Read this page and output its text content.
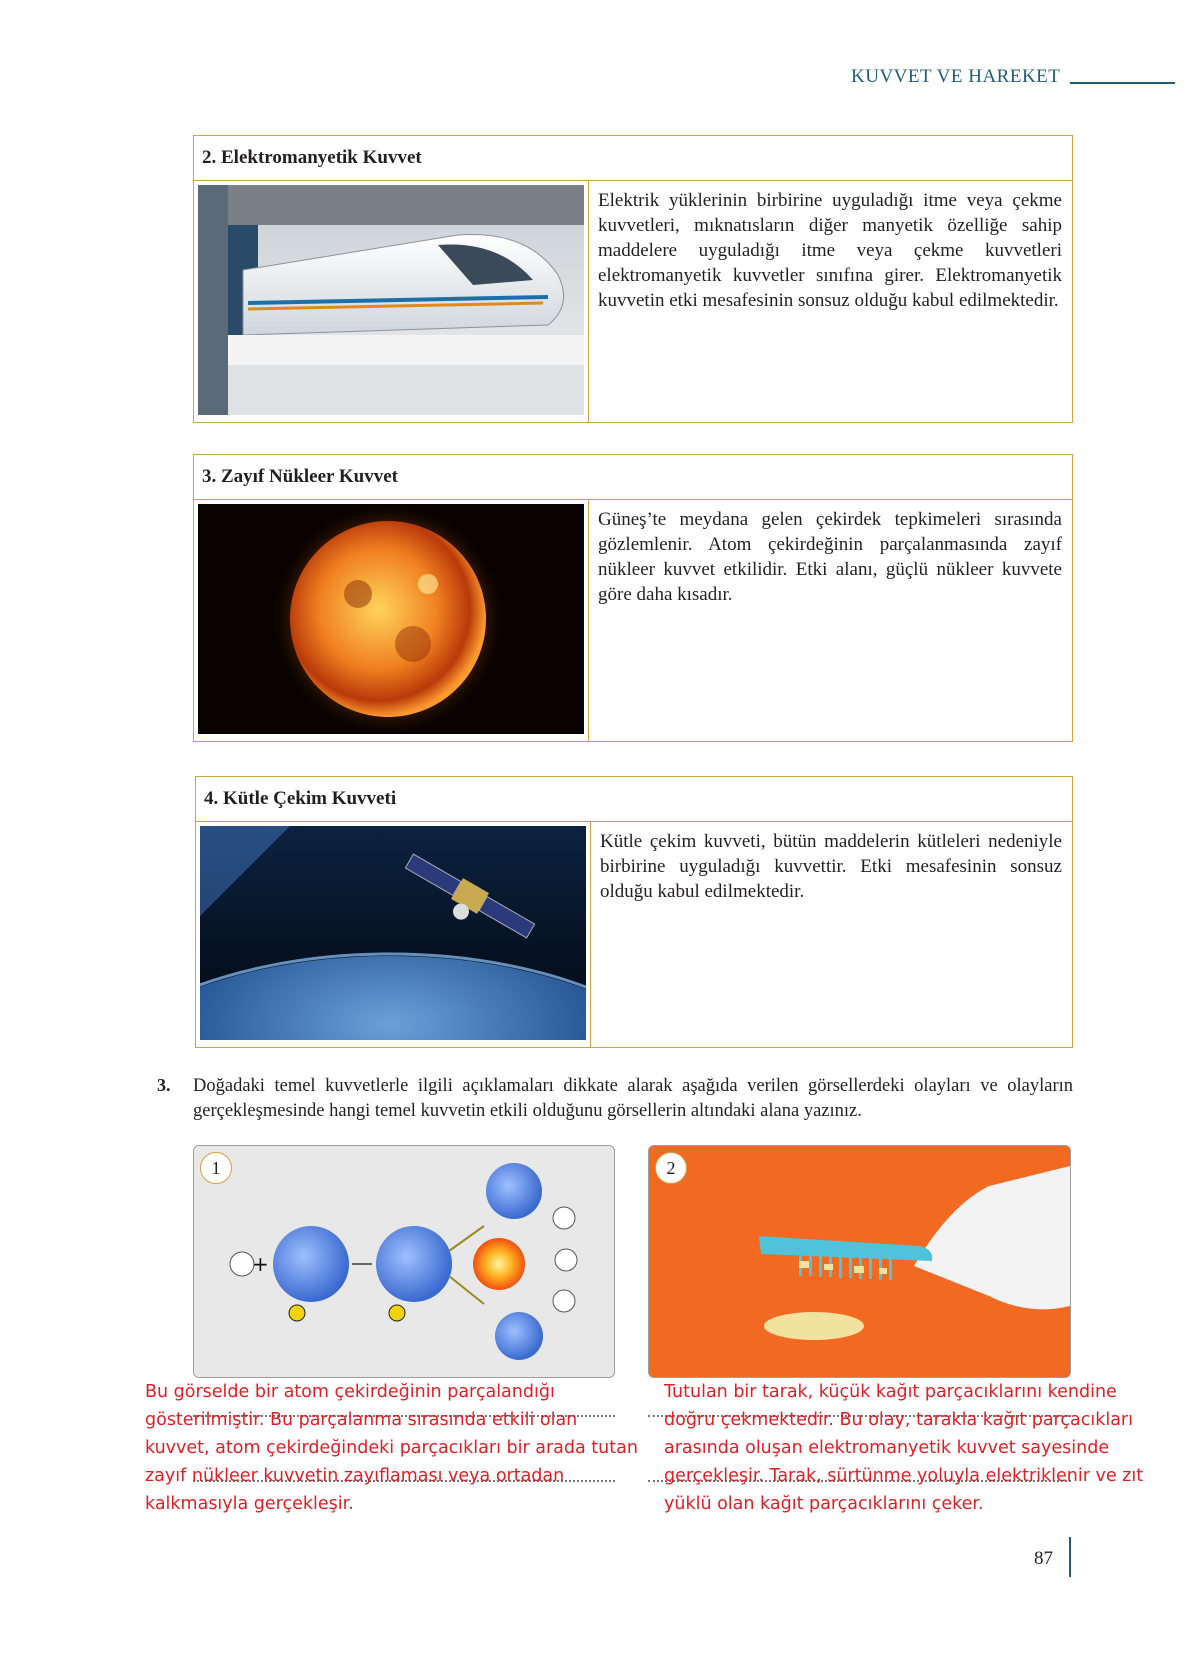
KUVVET VE HAREKET
2. Elektromanyetik Kuvvet
Elektrik yüklerinin birbirine uyguladığı itme veya çekme kuvvetleri, mıknatısların diğer manyetik özelliğe sahip maddelere uyguladığı itme veya çekme kuvvetleri elektromanyetik kuvvetler sınıfına girer. Elektromanyetik kuvvetin etki mesafesinin sonsuz olduğu kabul edilmektedir.
3. Zayıf Nükleer Kuvvet
Güneş’te meydana gelen çekirdek tepkimeleri sırasında gözlemlenir. Atom çekirdeğinin parçalanmasında zayıf nükleer kuvvet etkilidir. Etki alanı, güçlü nükleer kuvvete göre daha kısadır.
4. Kütle Çekim Kuvveti
Kütle çekim kuvveti, bütün maddelerin kütleleri nedeniyle birbirine uyguladığı kuvvettir. Etki mesafesinin sonsuz olduğu kabul edilmektedir.
3. Doğadaki temel kuvvetlerle ilgili açıklamaları dikkate alarak aşağıda verilen görsellerdeki olayları ve olayların gerçekleşmesinde hangi temel kuvvetin etkili olduğunu görsellerin altındaki alana yazınız.
+
1	2
Bu görselde bir atom çekirdeğinin parçalandığı gösterilmiştir. Bu parçalanma sırasında etkili olan kuvvet, atom çekirdeğindeki parçacıkları bir arada tutan zayıf nükleer kuvvetin zayıflaması veya ortadan kalkmasıyla gerçekleşir.
Tutulan bir tarak, küçük kağıt parçacıklarını kendine doğru çekmektedir. Bu olay, tarakla kağıt parçacıkları arasında oluşan elektromanyetik kuvvet sayesinde gerçekleşir. Tarak, sürtünme yoluyla elektriklenir ve zıt yüklü olan kağıt parçacıklarını çeker.
87
